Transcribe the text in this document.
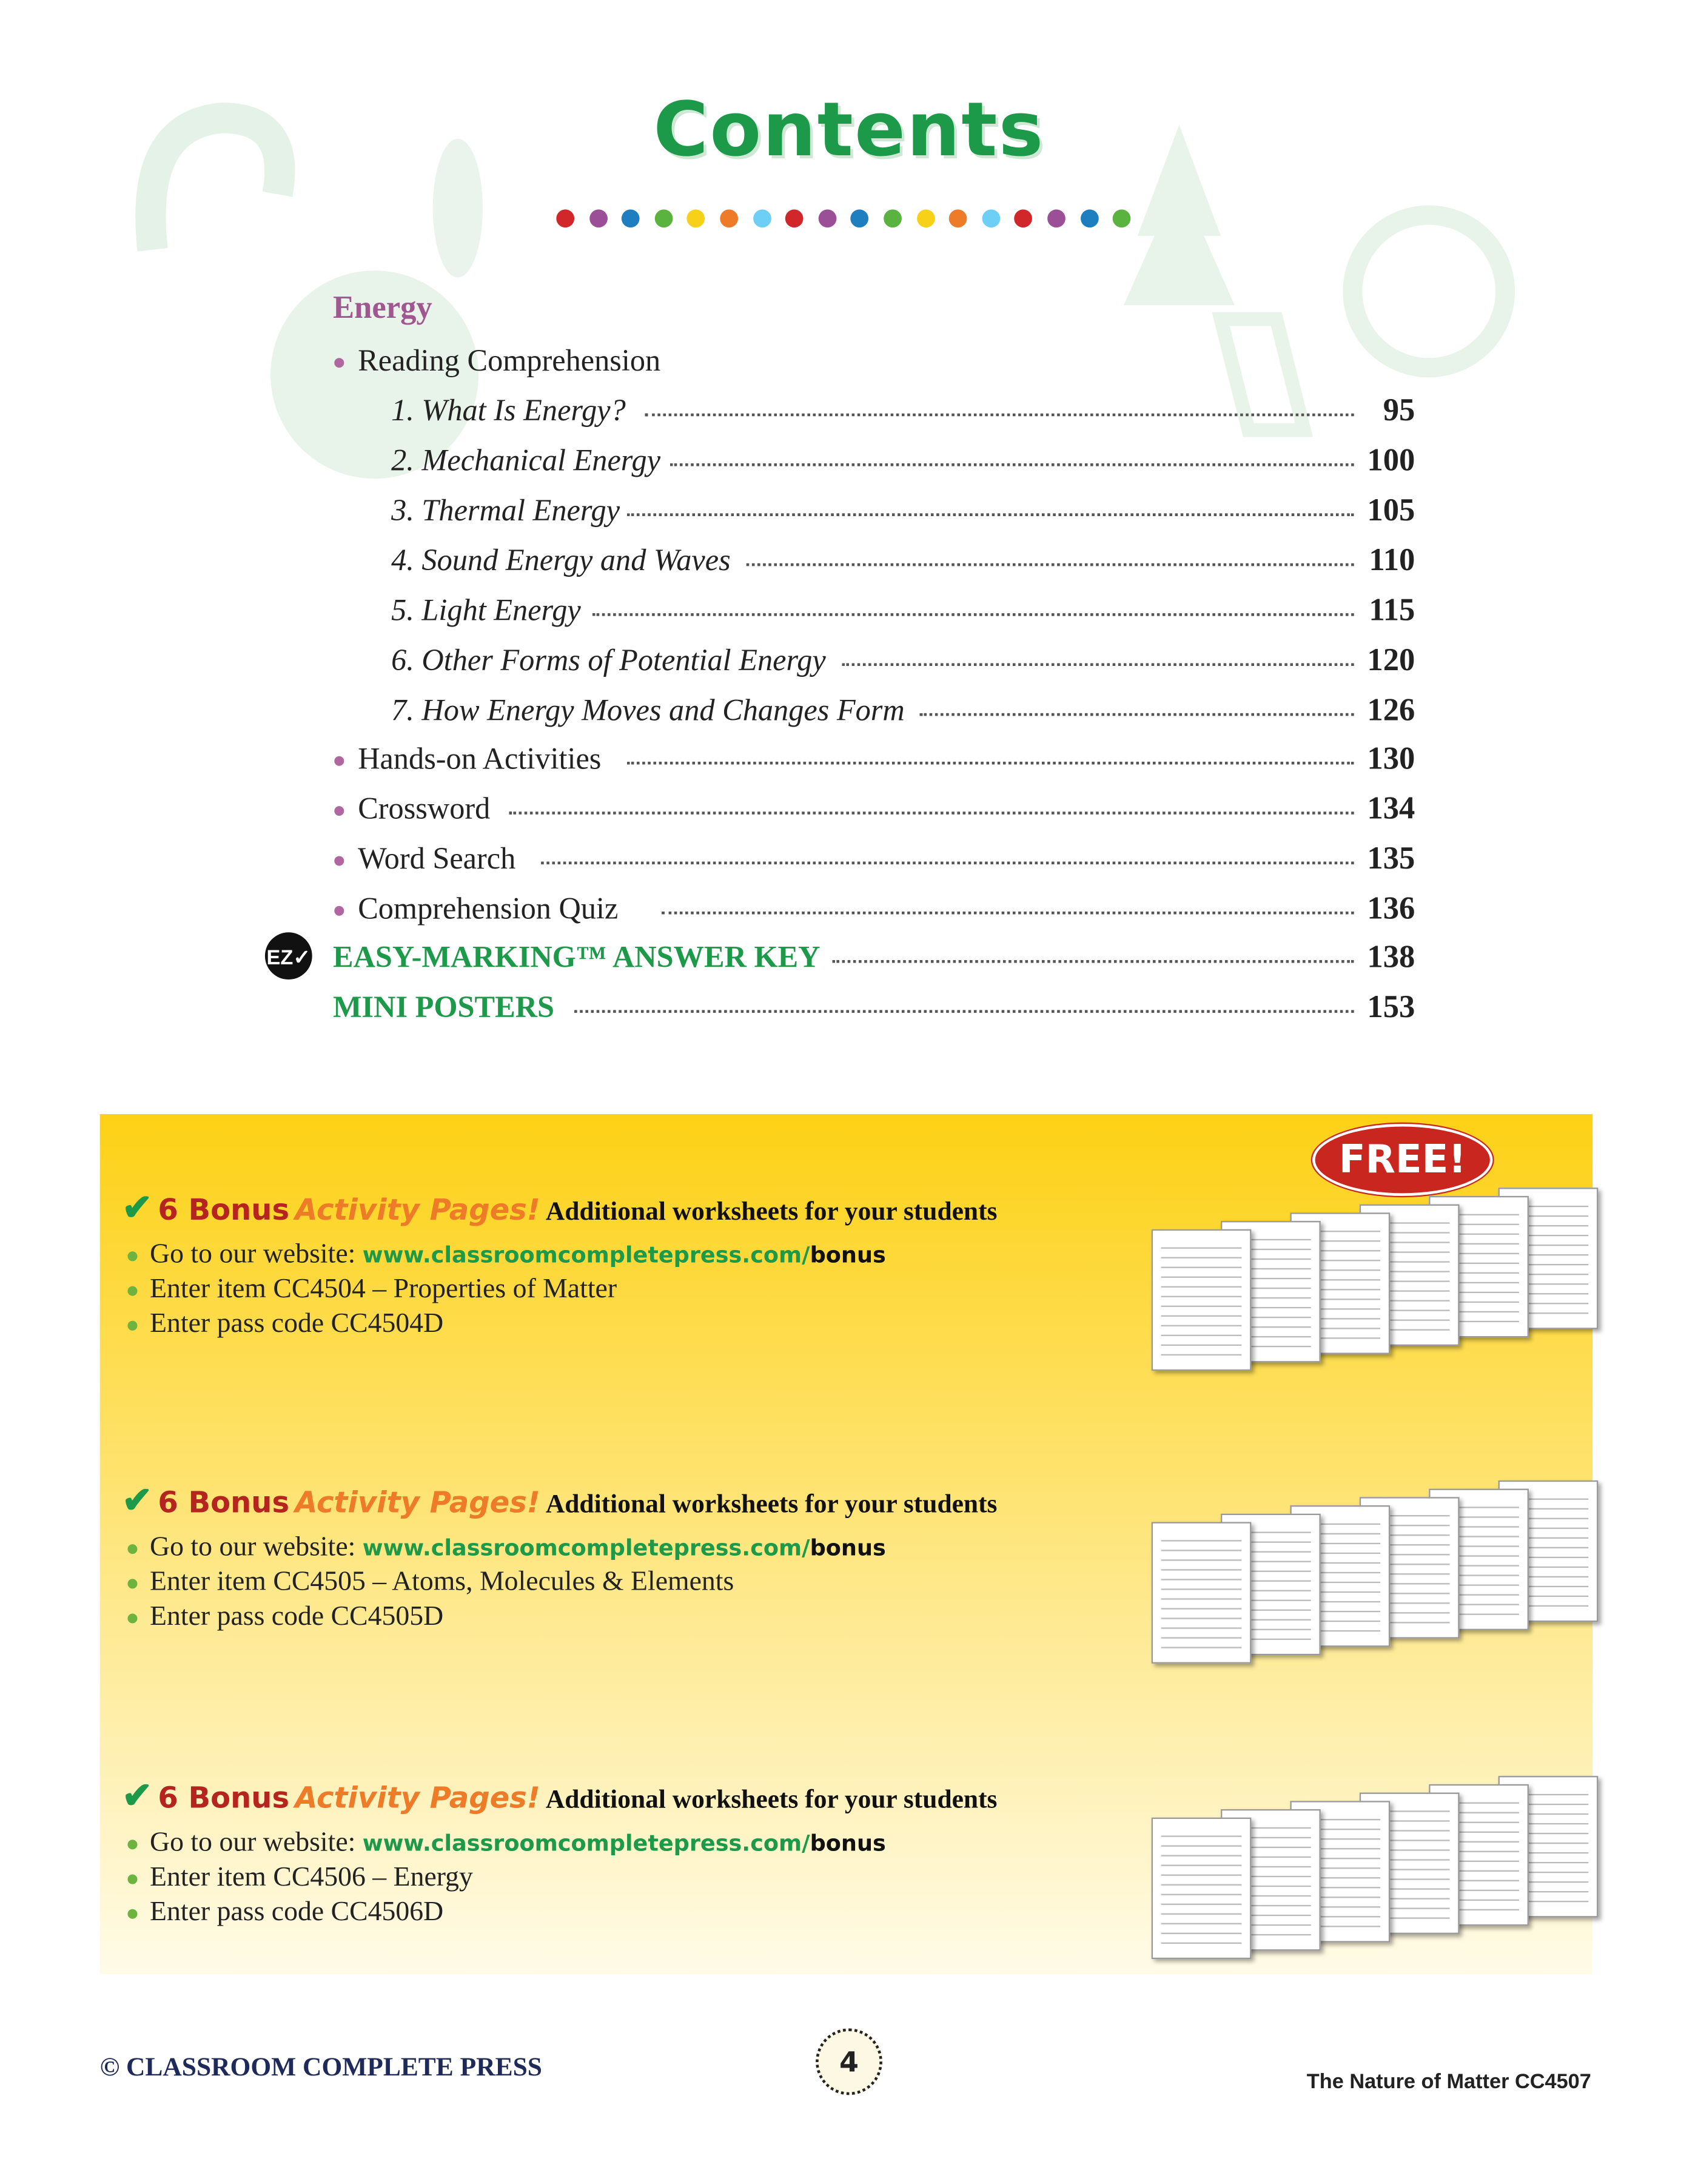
Contents
Energy
Reading Comprehension
EZ✓ EASY-MARKING™ ANSWER KEY	138
MINI POSTERS	153
FREE!
© CLASSROOM COMPLETE PRESS	4
The Nature of Matter CC4507
1. What Is Energy?	95
2. Mechanical Energy	100
3. Thermal Energy	105
4. Sound Energy and Waves	110
5. Light Energy	115
6. Other Forms of Potential Energy	120
7. How Energy Moves and Changes Form	126
Hands-on Activities	130
Crossword	134
Word Search	135
Comprehension Quiz	136
✔ 6 Bonus Activity Pages! Additional worksheets for your students
Go to our website: www.classroomcompletepress.com/bonus
Enter item CC4504 – Properties of Matter
Enter pass code CC4504D
✔ 6 Bonus Activity Pages! Additional worksheets for your students
Go to our website: www.classroomcompletepress.com/bonus
Enter item CC4505 – Atoms, Molecules & Elements
Enter pass code CC4505D
✔ 6 Bonus Activity Pages! Additional worksheets for your students
Go to our website: www.classroomcompletepress.com/bonus
Enter item CC4506 – Energy
Enter pass code CC4506D
